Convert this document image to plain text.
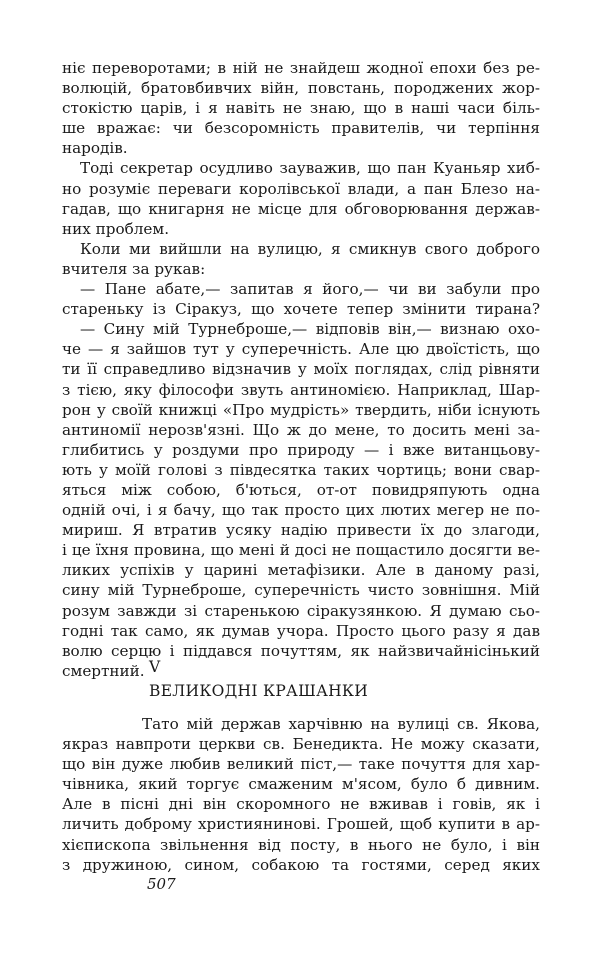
ніє переворотами; в ній не знайдеш жодної епохи без ре-
волюцій, братовбивчих війн, повстань, породжених жор-
стокістю царів, і я навіть не знаю, що в наші часи біль-
ше вражає: чи безсоромність правителів, чи терпіння
народів.
Тоді секретар осудливо зауважив, що пан Куаньяр хиб-
но розуміє переваги королівської влади, а пан Блезо на-
гадав, що книгарня не місце для обговорювання держав-
них проблем.
Коли ми вийшли на вулицю, я смикнув свого доброго
вчителя за рукав:
— Пане абате,— запитав я його,— чи ви забули про
стареньку із Сіракуз, що хочете тепер змінити тирана?
— Сину мій Турнеброше,— відповів він,— визнаю охо-
че — я зайшов тут у суперечність. Але цю двоїстість, що
ти її справедливо відзначив у моїх поглядах, слід рівняти
з тією, яку філософи звуть антиномією. Наприклад, Шар-
рон у своїй книжці «Про мудрість» твердить, ніби існують
антиномії нерозв'язні. Що ж до мене, то досить мені за-
глибитись у роздуми про природу — і вже витанцьову-
ють у моїй голові з півдесятка таких чортиць; вони свар-
яться між собою, б'ються, от-от повидряпують одна
одній очі, і я бачу, що так просто цих лютих мегер не по-
мириш. Я втратив усяку надію привести їх до злагоди,
і це їхня провина, що мені й досі не пощастило досягти ве-
ликих успіхів у царині метафізики. Але в даному разі,
сину мій Турнеброше, суперечність чисто зовнішня. Мій
розум завжди зі старенькою сіракузянкою. Я думаю сьо-
годні так само, як думав учора. Просто цього разу я дав
волю серцю і піддався почуттям, як найзвичайнісінький
смертний. V
ВЕЛИКОДНІ КРАШАНКИ
Тато мій держав харчівню на вулиці св. Якова,
якраз навпроти церкви св. Бенедикта. Не можу сказати,
що він дуже любив великий піст,— таке почуття для хар-
чівника, який торгує смаженим м'ясом, було б дивним.
Але в пісні дні він скоромного не вживав і говів, як і
личить доброму християнинові. Грошей, щоб купити в ар-
хієпископа звільнення від посту, в нього не було, і він
з дружиною, сином, собакою та гостями, серед яких
507
